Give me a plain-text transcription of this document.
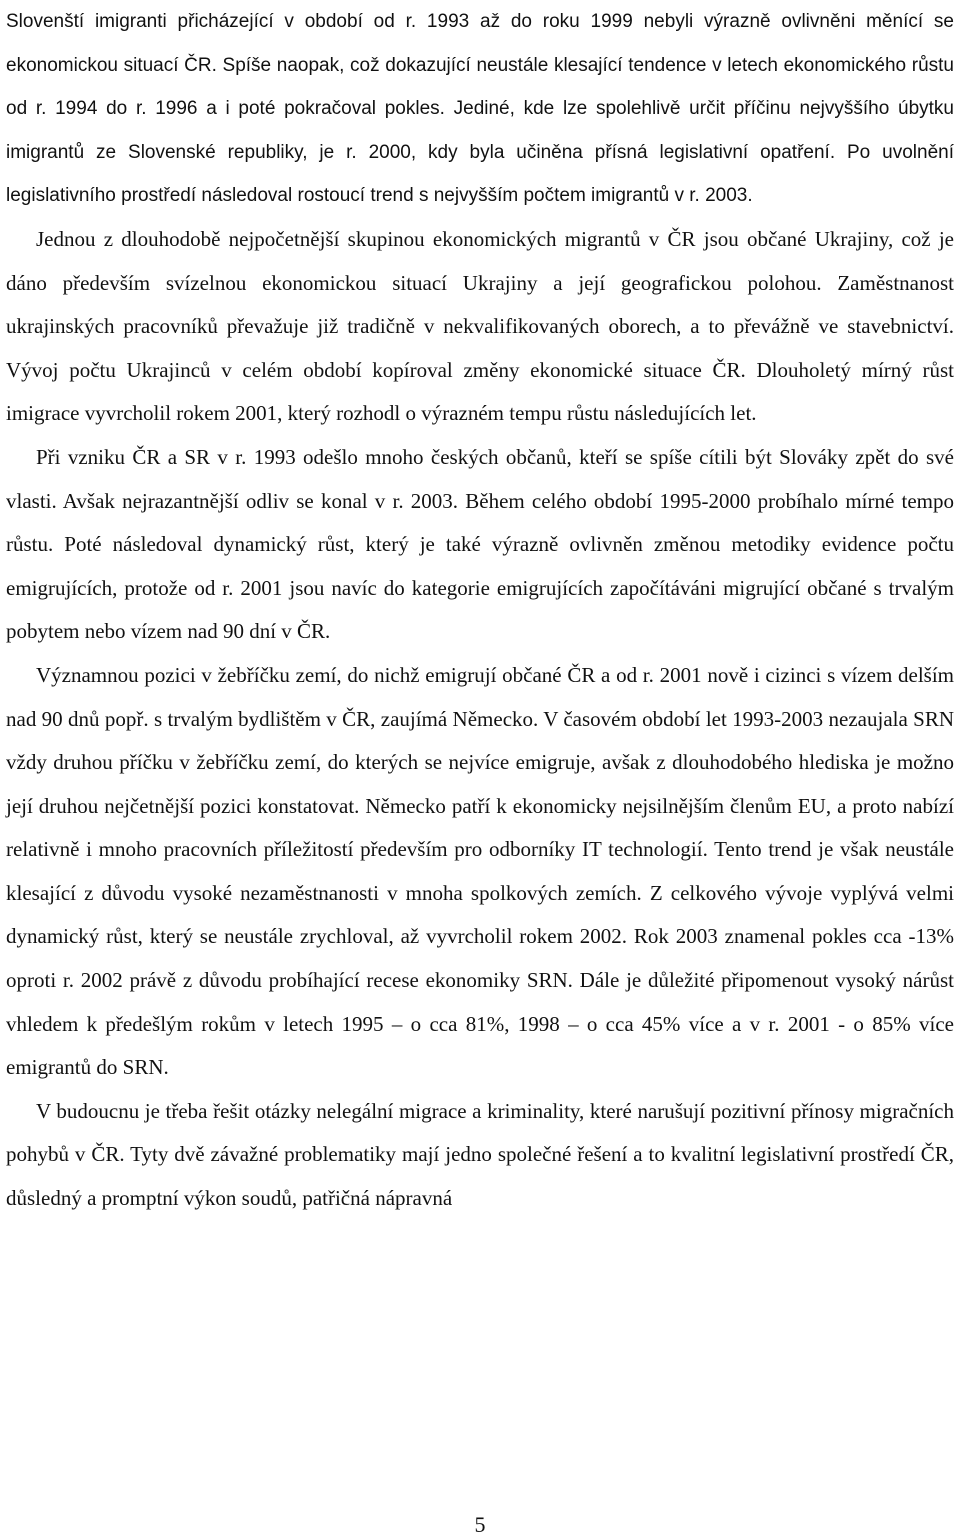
Slovenští imigranti přicházející v období od r. 1993 až do roku 1999 nebyli výrazně ovlivněni měnící se ekonomickou situací ČR. Spíše naopak, což dokazující neustále klesající tendence v letech ekonomického růstu od r. 1994 do r. 1996 a i poté pokračoval pokles. Jediné, kde lze spolehlivě určit příčinu nejvyššího úbytku imigrantů ze Slovenské republiky, je r. 2000, kdy byla učiněna přísná legislativní opatření. Po uvolnění legislativního prostředí následoval rostoucí trend s nejvyšším počtem imigrantů v r. 2003.

Jednou z dlouhodobě nejpočetnější skupinou ekonomických migrantů v ČR jsou občané Ukrajiny, což je dáno především svízelnou ekonomickou situací Ukrajiny a její geografickou polohou. Zaměstnanost ukrajinských pracovníků převažuje již tradičně v nekvalifikovaných oborech, a to převážně ve stavebnictví. Vývoj počtu Ukrajinců v celém období kopíroval změny ekonomické situace ČR. Dlouholetý mírný růst imigrace vyvrcholil rokem 2001, který rozhodl o výrazném tempu růstu následujících let.

Při vzniku ČR a SR v r. 1993 odešlo mnoho českých občanů, kteří se spíše cítili být Slováky zpět do své vlasti. Avšak nejrazantnější odliv se konal v r. 2003. Během celého období 1995-2000 probíhalo mírné tempo růstu. Poté následoval dynamický růst, který je také výrazně ovlivněn změnou metodiky evidence počtu emigrujících, protože od r. 2001 jsou navíc do kategorie emigrujících započítáváni migrující občané s trvalým pobytem nebo vízem nad 90 dní v ČR.

Významnou pozici v žebříčku zemí, do nichž emigrují občané ČR a od r. 2001 nově i cizinci s vízem delším nad 90 dnů popř. s trvalým bydlištěm v ČR, zaujímá Německo. V časovém období let 1993-2003 nezaujala SRN vždy druhou příčku v žebříčku zemí, do kterých se nejvíce emigruje, avšak z dlouhodobého hlediska je možno její druhou nejčetnější pozici konstatovat. Německo patří k ekonomicky nejsilnějším členům EU, a proto nabízí relativně i mnoho pracovních příležitostí především pro odborníky IT technologií. Tento trend je však neustále klesající z důvodu vysoké nezaměstnanosti v mnoha spolkových zemích. Z celkového vývoje vyplývá velmi dynamický růst, který se neustále zrychloval, až vyvrcholil rokem 2002. Rok 2003 znamenal pokles cca -13% oproti r. 2002 právě z důvodu probíhající recese ekonomiky SRN. Dále je důležité připomenout vysoký nárůst vhledem k předešlým rokům v letech 1995 – o cca 81%, 1998 – o cca 45% více a v r. 2001 - o 85% více emigrantů do SRN.

V budoucnu je třeba řešit otázky nelegální migrace a kriminality, které narušují pozitivní přínosy migračních pohybů v ČR. Tyty dvě závažné problematiky mají jedno společné řešení a to kvalitní legislativní prostředí ČR, důsledný a promptní výkon soudů, patřičná nápravná

5
